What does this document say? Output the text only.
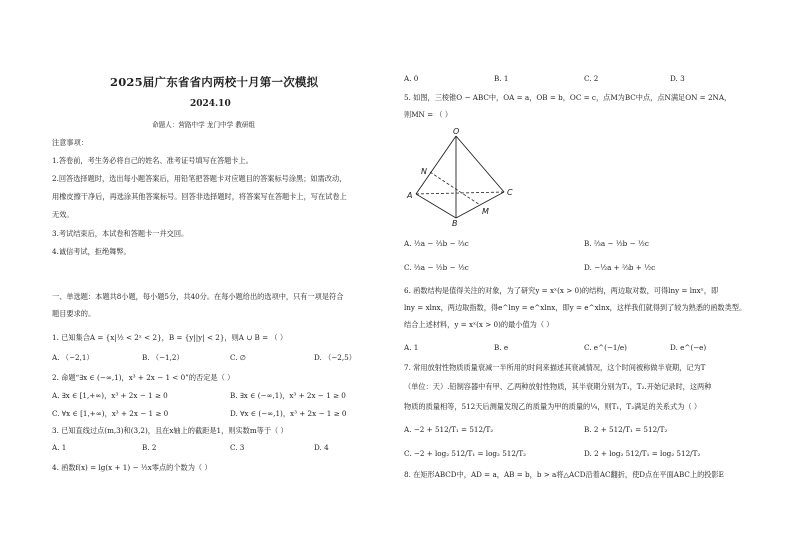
2025届广东省省内两校十月第一次模拟
2024.10
命题人：营路中学 龙门中学 教研组
注意事项：
1.答卷前，考生务必将自己的姓名、准考证号填写在答题卡上。
2.回答选择题时，选出每小题答案后，用铅笔把答题卡对应题目的答案标号涂黑；如需改动，
用橡皮擦干净后，再选涂其他答案标号。回答非选择题时，将答案写在答题卡上，写在试卷上
无效。
3.考试结束后，本试卷和答题卡一并交回。
4.诚信考试，拒绝舞弊。
一、单选题：本题共8小题，每小题5分，共40分。在每小题给出的选项中，只有一项是符合
题目要求的。
1. 已知集合A = {x|½ < 2ˣ < 2}，B = {y||y| < 2}，则A ∪ B = （ ）
A. （−2,1）	B. （−1,2）	C. ∅	D. （−2,5）
2. 命题“∃x ∈ (−∞,1)，x³ + 2x − 1 < 0”的否定是（ ）
A. ∃x ∈ [1,+∞)，x³ + 2x − 1 ≥ 0	B. ∃x ∈ (−∞,1)，x³ + 2x − 1 ≥ 0
C. ∀x ∈ [1,+∞)，x³ + 2x − 1 ≥ 0	D. ∀x ∈ (−∞,1)，x³ + 2x − 1 ≥ 0
3. 已知直线过点(m,3)和(3,2)，且在x轴上的截距是1，则实数m等于（ ）
A. 1	B. 2	C. 3	D. 4
4. 函数f(x) = lg(x + 1) − ½x零点的个数为（ ）
A. 0	B. 1	C. 2	D. 3
5. 如图，三棱锥O − ABC中，OA = a，OB = b，OC = c，点M为BC中点，点N满足ON = 2NA，
则MN = （ ）
O
N
A
B
M
C
A. ½a − ⅔b − ⅔c	B. ⅔a − ½b − ½c
C. ⅔a − ½b − ½c	D. −½a + ⅔b + ½c
6. 函数结构是值得关注的对象，为了研究y = xˣ(x > 0)的结构，两边取对数，可得lny = lnxˣ，即
lny = xlnx，两边取指数，得e^lny = e^xlnx，即y = e^xlnx，这样我们就得到了较为熟悉的函数类型。
结合上述材料，y = xˣ(x > 0)的最小值为（ ）
A. 1	B. e	C. e^(−1/e)	D. e^(−e)
7. 常用放射性物质质量衰减一半所用的时间来描述其衰减情况，这个时间被称做半衰期，记为T
（单位：天）.铅制容器中有甲、乙两种放射性物质，其半衰期分别为T₁，T₂.开始记录时，这两种
物质的质量相等，512天后测量发现乙的质量为甲的质量的¼，则T₁，T₂满足的关系式为（ ）
A. −2 + 512/T₁ = 512/T₂	B. 2 + 512/T₁ = 512/T₂
C. −2 + log₂ 512/T₁ = log₂ 512/T₂	D. 2 + log₂ 512/T₁ = log₂ 512/T₂
8. 在矩形ABCD中，AD = a，AB = b，b > a将△ACD沿着AC翻折，使D点在平面ABC上的投影E
